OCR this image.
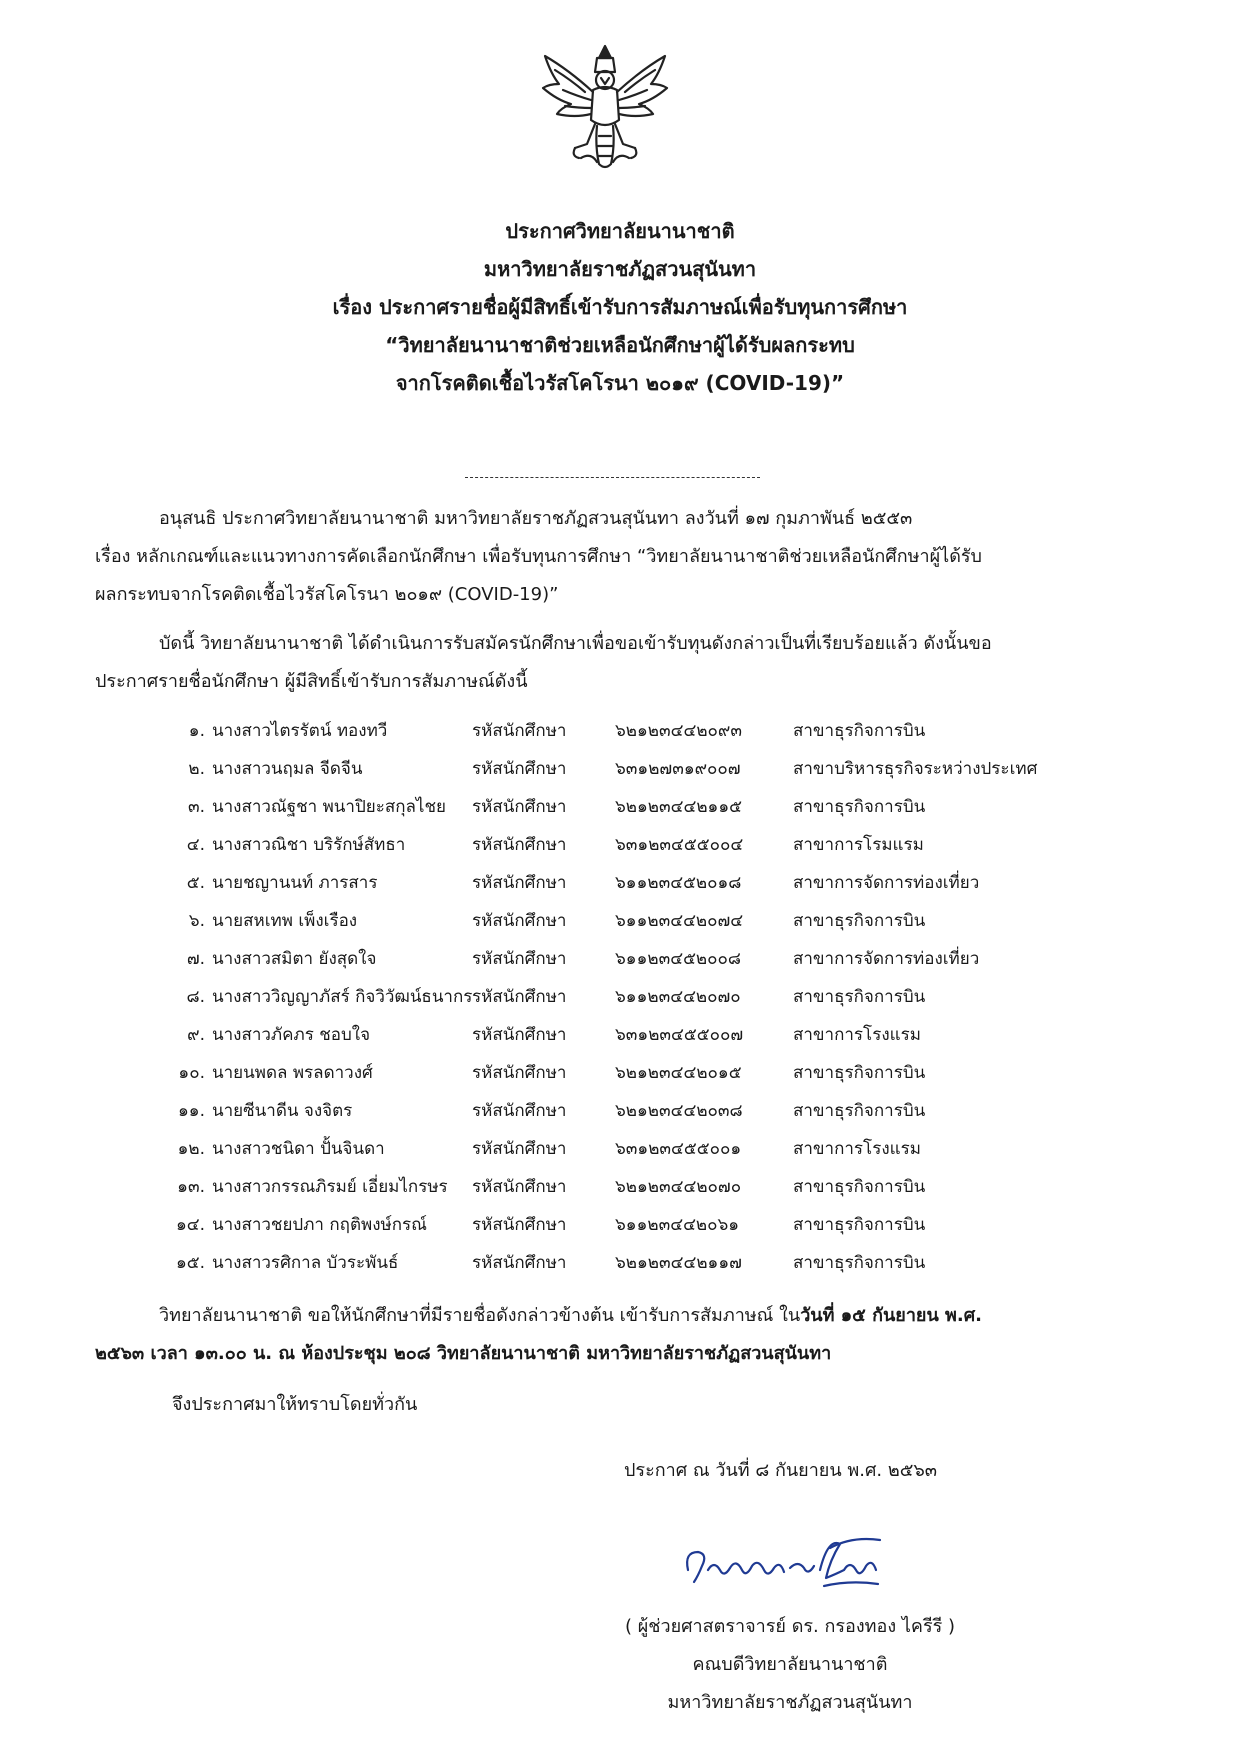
ประกาศวิทยาลัยนานาชาติ
มหาวิทยาลัยราชภัฏสวนสุนันทา
เรื่อง ประกาศรายชื่อผู้มีสิทธิ์เข้ารับการสัมภาษณ์เพื่อรับทุนการศึกษา
“วิทยาลัยนานาชาติช่วยเหลือนักศึกษาผู้ได้รับผลกระทบ
จากโรคติดเชื้อไวรัสโคโรนา ๒๐๑๙ (COVID-19)”
อนุสนธิ ประกาศวิทยาลัยนานาชาติ มหาวิทยาลัยราชภัฏสวนสุนันทา ลงวันที่ ๑๗ กุมภาพันธ์ ๒๕๕๓
เรื่อง หลักเกณฑ์และแนวทางการคัดเลือกนักศึกษา เพื่อรับทุนการศึกษา “วิทยาลัยนานาชาติช่วยเหลือนักศึกษาผู้ได้รับ
ผลกระทบจากโรคติดเชื้อไวรัสโคโรนา ๒๐๑๙ (COVID-19)”
บัดนี้ วิทยาลัยนานาชาติ ได้ดำเนินการรับสมัครนักศึกษาเพื่อขอเข้ารับทุนดังกล่าวเป็นที่เรียบร้อยแล้ว ดังนั้นขอ
ประกาศรายชื่อนักศึกษา ผู้มีสิทธิ์เข้ารับการสัมภาษณ์ดังนี้
๑. นางสาวไตรรัตน์ ทองทวี	รหัสนักศึกษา	๖๒๑๒๓๔๔๒๐๙๓	สาขาธุรกิจการบิน
๒. นางสาวนฤมล จีดจีน	รหัสนักศึกษา	๖๓๑๒๗๓๑๙๐๐๗	สาขาบริหารธุรกิจระหว่างประเทศ
๓. นางสาวณัฐชา พนาปิยะสกุลไชย รหัสนักศึกษา	๖๒๑๒๓๔๔๒๑๑๕	สาขาธุรกิจการบิน
๔. นางสาวณิชา บริรักษ์สัทธา	รหัสนักศึกษา	๖๓๑๒๓๔๕๕๐๐๔	สาขาการโรมแรม
๕. นายชญานนท์ ภารสาร	รหัสนักศึกษา	๖๑๑๒๓๔๕๒๐๑๘	สาขาการจัดการท่องเที่ยว
๖. นายสหเทพ เพ็งเรือง	รหัสนักศึกษา	๖๑๑๒๓๔๔๒๐๗๔	สาขาธุรกิจการบิน
๗. นางสาวสมิตา ยังสุดใจ	รหัสนักศึกษา	๖๑๑๒๓๔๕๒๐๐๘	สาขาการจัดการท่องเที่ยว
๘. นางสาววิญญาภัสร์ กิจวิวัฒน์ธนากร รหัสนักศึกษา	๖๑๑๒๓๔๔๒๐๗๐	สาขาธุรกิจการบิน
๙. นางสาวภัคภร ชอบใจ	รหัสนักศึกษา	๖๓๑๒๓๔๕๕๐๐๗	สาขาการโรงแรม
๑๐. นายนพดล พรลดาวงศ์	รหัสนักศึกษา	๖๒๑๒๓๔๔๒๐๑๕	สาขาธุรกิจการบิน
๑๑. นายซีนาดีน จงจิตร	รหัสนักศึกษา	๖๒๑๒๓๔๔๒๐๓๘	สาขาธุรกิจการบิน
๑๒. นางสาวชนิดา ปั้นจินดา	รหัสนักศึกษา	๖๓๑๒๓๔๕๕๐๐๑	สาขาการโรงแรม
๑๓. นางสาวกรรณภิรมย์ เอี่ยมไกรษร รหัสนักศึกษา	๖๒๑๒๓๔๔๒๐๗๐	สาขาธุรกิจการบิน
๑๔. นางสาวชยปภา กฤติพงษ์กรณ์	รหัสนักศึกษา	๖๑๑๒๓๔๔๒๐๖๑	สาขาธุรกิจการบิน
๑๕. นางสาวรศิกาล บัวระพันธ์	รหัสนักศึกษา	๖๒๑๒๓๔๔๒๑๑๗	สาขาธุรกิจการบิน
วิทยาลัยนานาชาติ ขอให้นักศึกษาที่มีรายชื่อดังกล่าวข้างต้น เข้ารับการสัมภาษณ์ ในวันที่ ๑๕ กันยายน พ.ศ.
๒๕๖๓ เวลา ๑๓.๐๐ น. ณ ห้องประชุม ๒๐๘ วิทยาลัยนานาชาติ มหาวิทยาลัยราชภัฏสวนสุนันทา
จึงประกาศมาให้ทราบโดยทั่วกัน
ประกาศ ณ วันที่ ๘ กันยายน พ.ศ. ๒๕๖๓
( ผู้ช่วยศาสตราจารย์ ดร. กรองทอง ไครีรี )
คณบดีวิทยาลัยนานาชาติ
มหาวิทยาลัยราชภัฏสวนสุนันทา
